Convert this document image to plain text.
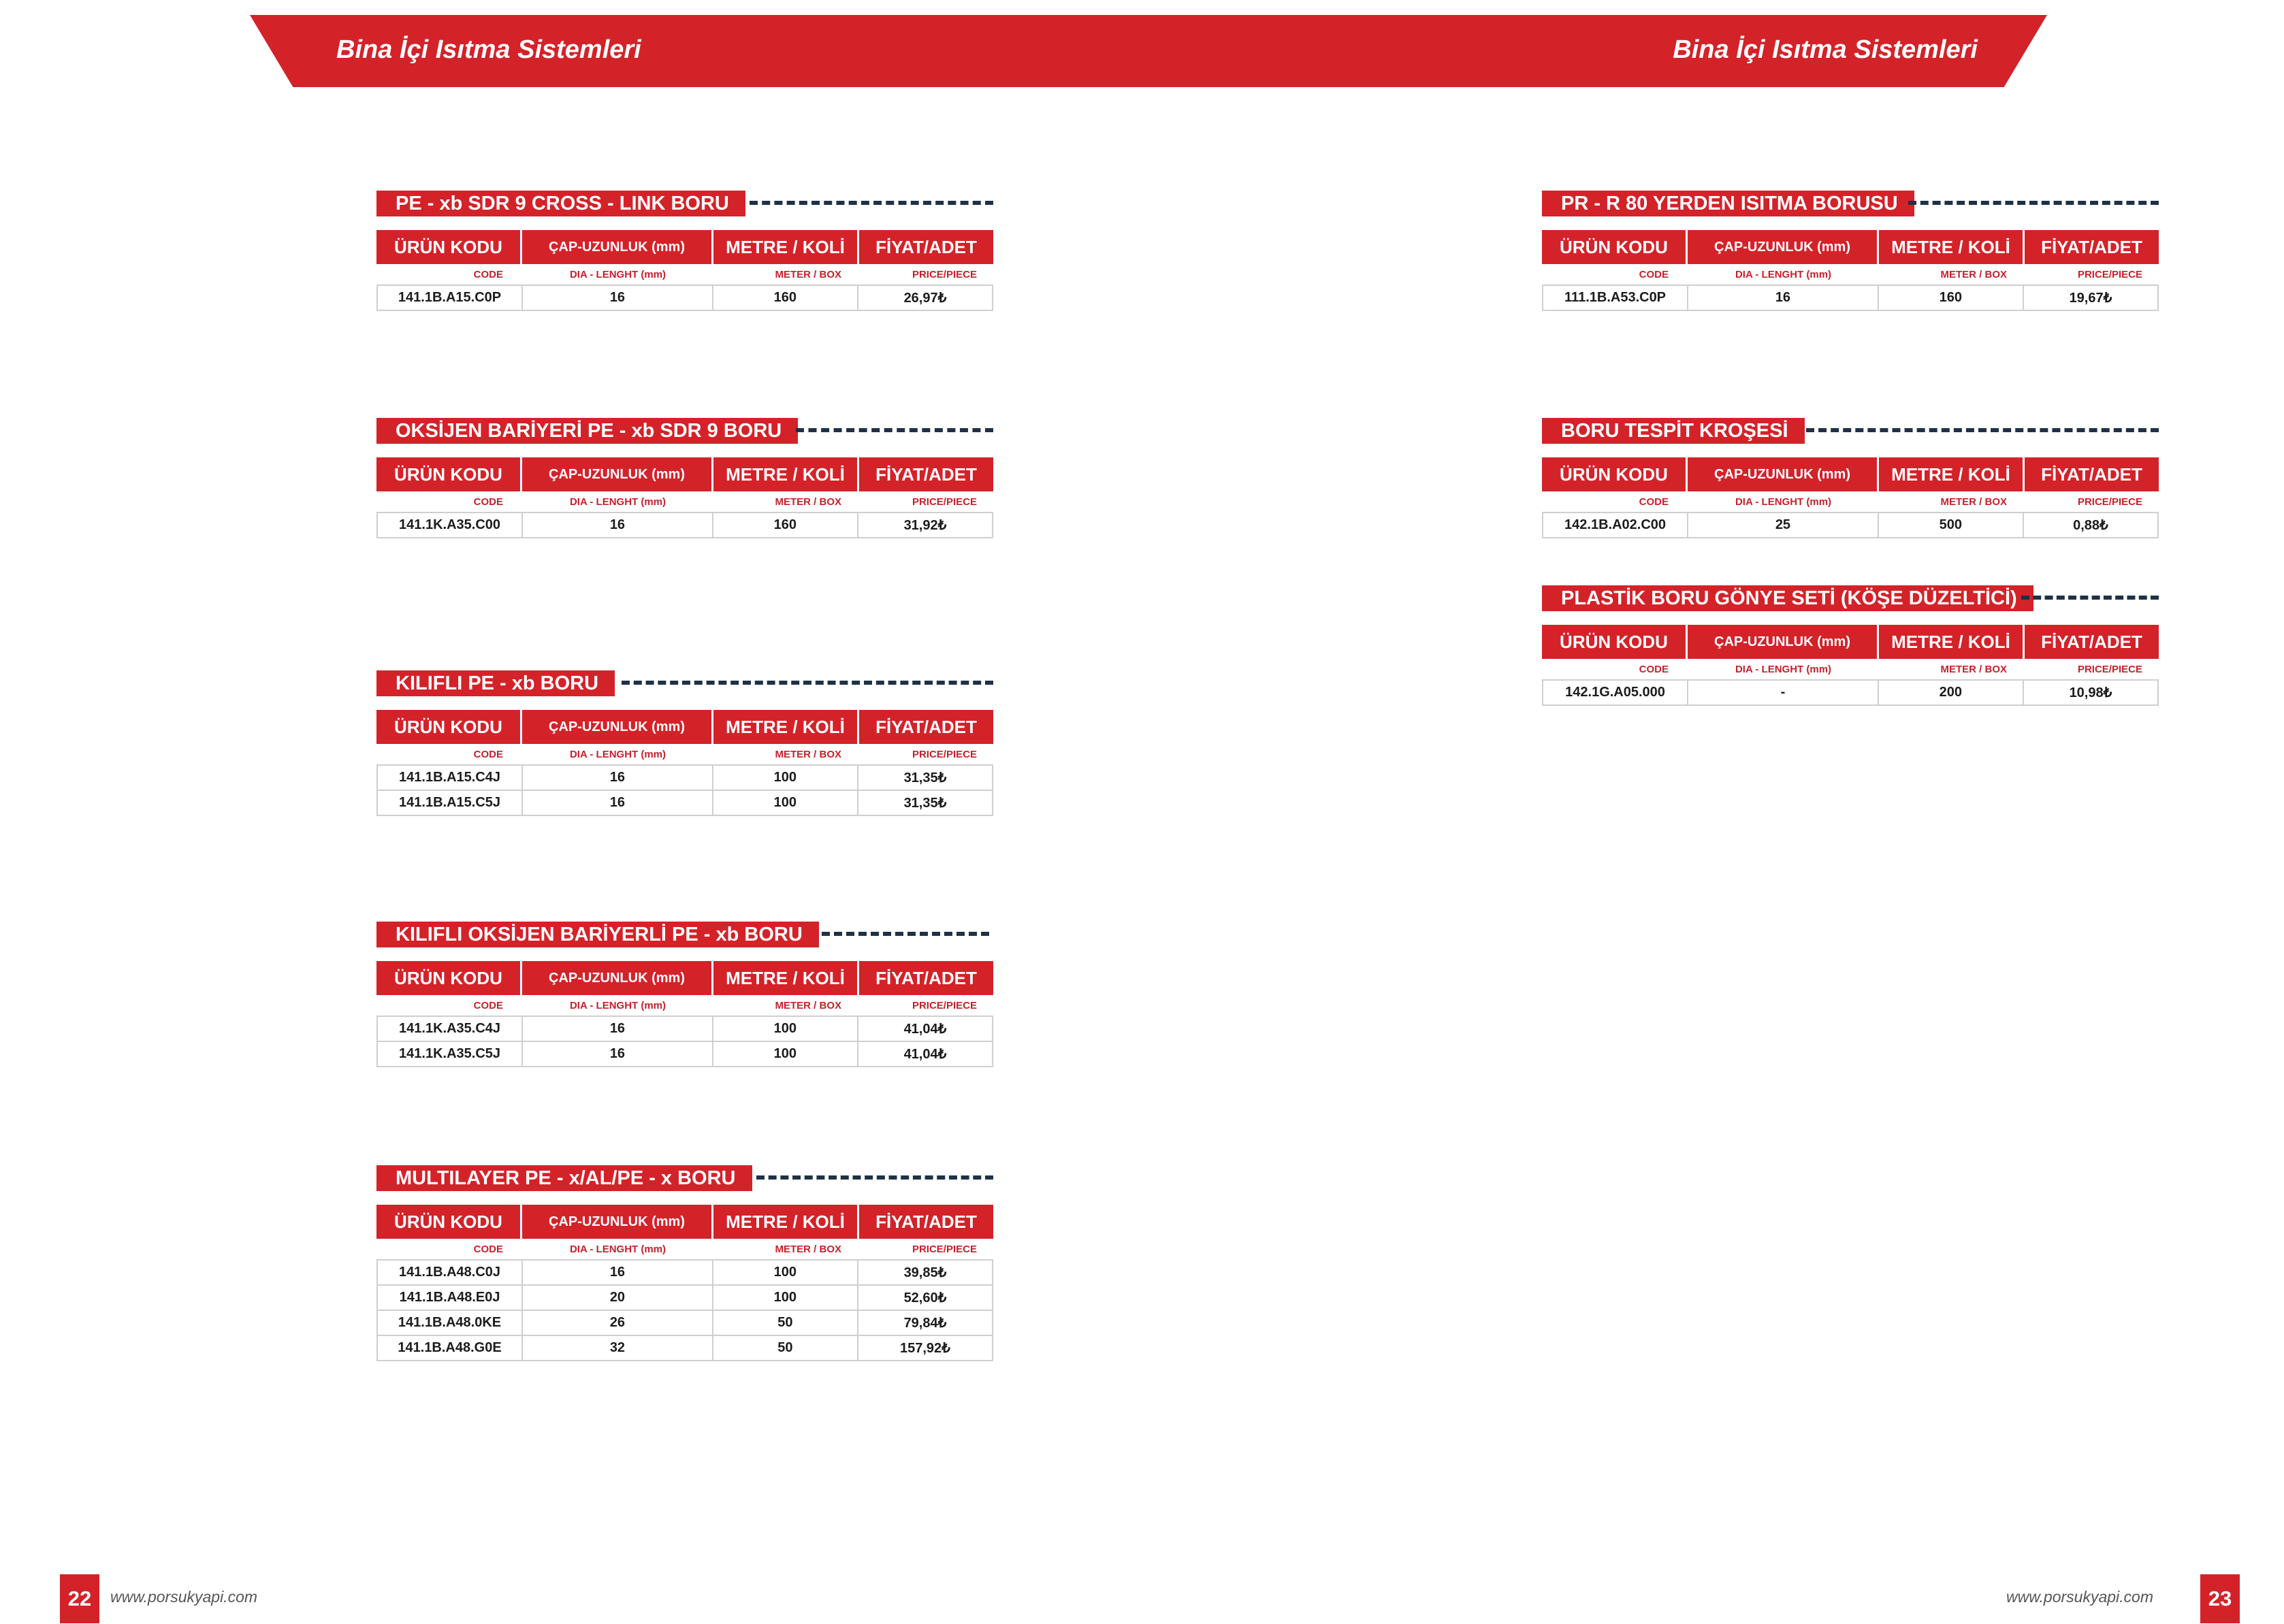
Bina İçi Isıtma Sistemleri	Bina İçi Isıtma Sistemleri
PE - xb SDR 9 CROSS - LINK BORU
ÜRÜN KODU	ÇAP-UZUNLUK (mm)	METRE / KOLİ	FİYAT/ADET
CODE	DIA - LENGHT (mm)	METER / BOX	PRICE/PIECE
141.1B.A15.C0P	16	160	26,97₺
OKSİJEN BARİYERİ PE - xb SDR 9 BORU
ÜRÜN KODU	ÇAP-UZUNLUK (mm)	METRE / KOLİ	FİYAT/ADET
CODE	DIA - LENGHT (mm)	METER / BOX	PRICE/PIECE
141.1K.A35.C00	16	160	31,92₺
KILIFLI PE - xb BORU
ÜRÜN KODU	ÇAP-UZUNLUK (mm)	METRE / KOLİ	FİYAT/ADET
CODE	DIA - LENGHT (mm)	METER / BOX	PRICE/PIECE
141.1B.A15.C4J	16	100	31,35₺
141.1B.A15.C5J	16	100	31,35₺
KILIFLI OKSİJEN BARİYERLİ PE - xb BORU
ÜRÜN KODU	ÇAP-UZUNLUK (mm)	METRE / KOLİ	FİYAT/ADET
CODE	DIA - LENGHT (mm)	METER / BOX	PRICE/PIECE
141.1K.A35.C4J	16	100	41,04₺
141.1K.A35.C5J	16	100	41,04₺
MULTILAYER PE - x/AL/PE - x BORU
ÜRÜN KODU	ÇAP-UZUNLUK (mm)	METRE / KOLİ	FİYAT/ADET
CODE	DIA - LENGHT (mm)	METER / BOX	PRICE/PIECE
141.1B.A48.C0J	16	100	39,85₺
141.1B.A48.E0J	20	100	52,60₺
141.1B.A48.0KE	26	50	79,84₺
141.1B.A48.G0E	32	50	157,92₺
PR - R 80 YERDEN ISITMA BORUSU
ÜRÜN KODU	ÇAP-UZUNLUK (mm)	METRE / KOLİ	FİYAT/ADET
CODE	DIA - LENGHT (mm)	METER / BOX	PRICE/PIECE
111.1B.A53.C0P	16	160	19,67₺
BORU TESPİT KROŞESİ
ÜRÜN KODU	ÇAP-UZUNLUK (mm)	METRE / KOLİ	FİYAT/ADET
CODE	DIA - LENGHT (mm)	METER / BOX	PRICE/PIECE
142.1B.A02.C00	25	500	0,88₺
PLASTİK BORU GÖNYE SETİ (KÖŞE DÜZELTİCİ)
ÜRÜN KODU	ÇAP-UZUNLUK (mm)	METRE / KOLİ	FİYAT/ADET
CODE	DIA - LENGHT (mm)	METER / BOX	PRICE/PIECE
142.1G.A05.000	-	200	10,98₺
22	www.porsukyapi.com	www.porsukyapi.com	23
